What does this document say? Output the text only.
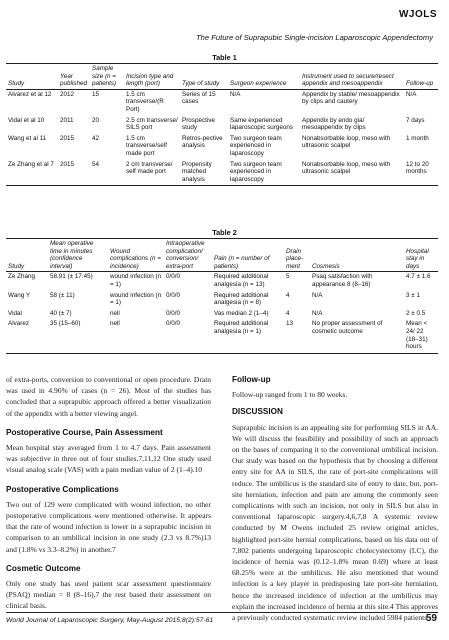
WJOLS
The Future of Suprapubic Single-incision Laparoscopic Appendectomy
Table 1
Study	Year published	Sample size (n = patients)	Incision type and length (port)	Type of study	Surgeon experience	Instrument used to secure/resect appendix and mesoappendix	Follow-up
Alvarez et al 12	2012	15	1.5 cm transverse/(R Port)	Series of 15 cases	N/A	Appendix by stable/ mesoappendix by clips and cautery	N/A
Vidal et al 10	2011	20	2.5 cm transverse/ SILS port	Prospective study	Same experienced laparoscopic surgeons	Appendix by endo gia/ mesoappendix by clips	7 days
Wang et al 11	2015	42	1.5 cm transverse/self made port	Retros-pective analysis	Two surgeon team experienced in laparoscopy	Nonabsorbable loop, meso with ultrasonic scalpel	1 month
Ze Zhang et al 7	2015	54	2 cm transverse/ self made port	Propensity matched analysis	Two surgeon team experienced in laparoscopy	Nonabsorbable loop, meso with ultrasonic scalpel	12 to 20 months
Table 2
Study	Mean operative time in minutes (confidence interval)	Wound complications (n = incidence)	Intraoperative complication/ conversion/ extra-port	Pain (n = number of patients)	Drain place-ment	Cosmesis	Hospital stay in days
Ze Zhang	58.91 (± 17.45)	wound infection (n = 1)	0/0/0	Required additional analgesia (n = 13)	5	Psaq satisfaction with appearance 8 (8–16)	4.7 ± 1.6
Wang Y	58 (± 11)	wound infection (n = 1)	0/0/0	Required additional analgesia (n = 8)	4	N/A	3 ± 1
Vidal	40 (± 7)	nell	0/0/0	Vas median 2 (1–4)	4	N/A	2 ± 0.5
Alvarez	35 (15–60)	nell	0/0/0	Required additional analgesia (n = 1)	13	No proper assessment of cosmetic outcome	Mean < 24/ 22 (18–31) hours

of extra-ports, conversion to conventional or open procedure. Drain was used in 4.96% of cases (n = 26). Most of the studies has concluded that a suprapubic approach offered a better visualization of the appendix with a better viewing angel.

Postoperative Course, Pain Assessment

Mean hospital stay averaged from 1 to 4.7 days. Pain assessment was subjective in three out of four studies.7,11,12 One study used visual analog scale (VAS) with a pain median value of 2 (1–4).10

Postoperative Complications

Two out of 129 were complicated with wound infection, no other postoperative complications were mentioned otherwise. It appears that the rate of wound infection is lower in a suprapubic incision in comparison to an umbilical incision in one study (2.3 vs 8.7%)13 and (1.8% vs 3.3–8.2%) in another.7

Cosmetic Outcome

Only one study has used patient scar assessment questionnaire (PSAQ) median = 8 (8–16),7 the rest based their assessment on clinical basis.

Follow-up

Follow-up ranged from 1 to 80 weeks.

DISCUSSION

Suprapubic incision is an appealing site for performing SILS in AA. We will discuss the feasibility and possibility of such an approach on the bases of comparing it to the conventional umbilical incision. Our study was based on the hypothesis that by choosing a different entry site for AA in SILS, the rate of port-site complications will reduce. The umbilicus is the standard site of entry to date, but, port-site herniation, infection and pain are among the commonly seen complications with such an incision, not only in SILS but also in conventional laparoscopic surgery.4,6,7,8 A systemic review conducted by M Owens included 25 review original articles, highlighted port-site hernial complications, based on his data out of 7,802 patients undergoing laparoscopic cholecystectomy (LC), the incidence of hernia was (0.12–1.8% mean 0.69) where at least 68.25% were at the umbilicus. He also mentioned that wound infection is a key player in predisposing late port-site herniation, hence the increased incidence of infection at the umbilicus may explain the increased incidence of hernia at this site.4 This approves a previously conducted systematic review included 5984 patients

World Journal of Laparoscopic Surgery, May-August 2015;8(2):57-61	59
